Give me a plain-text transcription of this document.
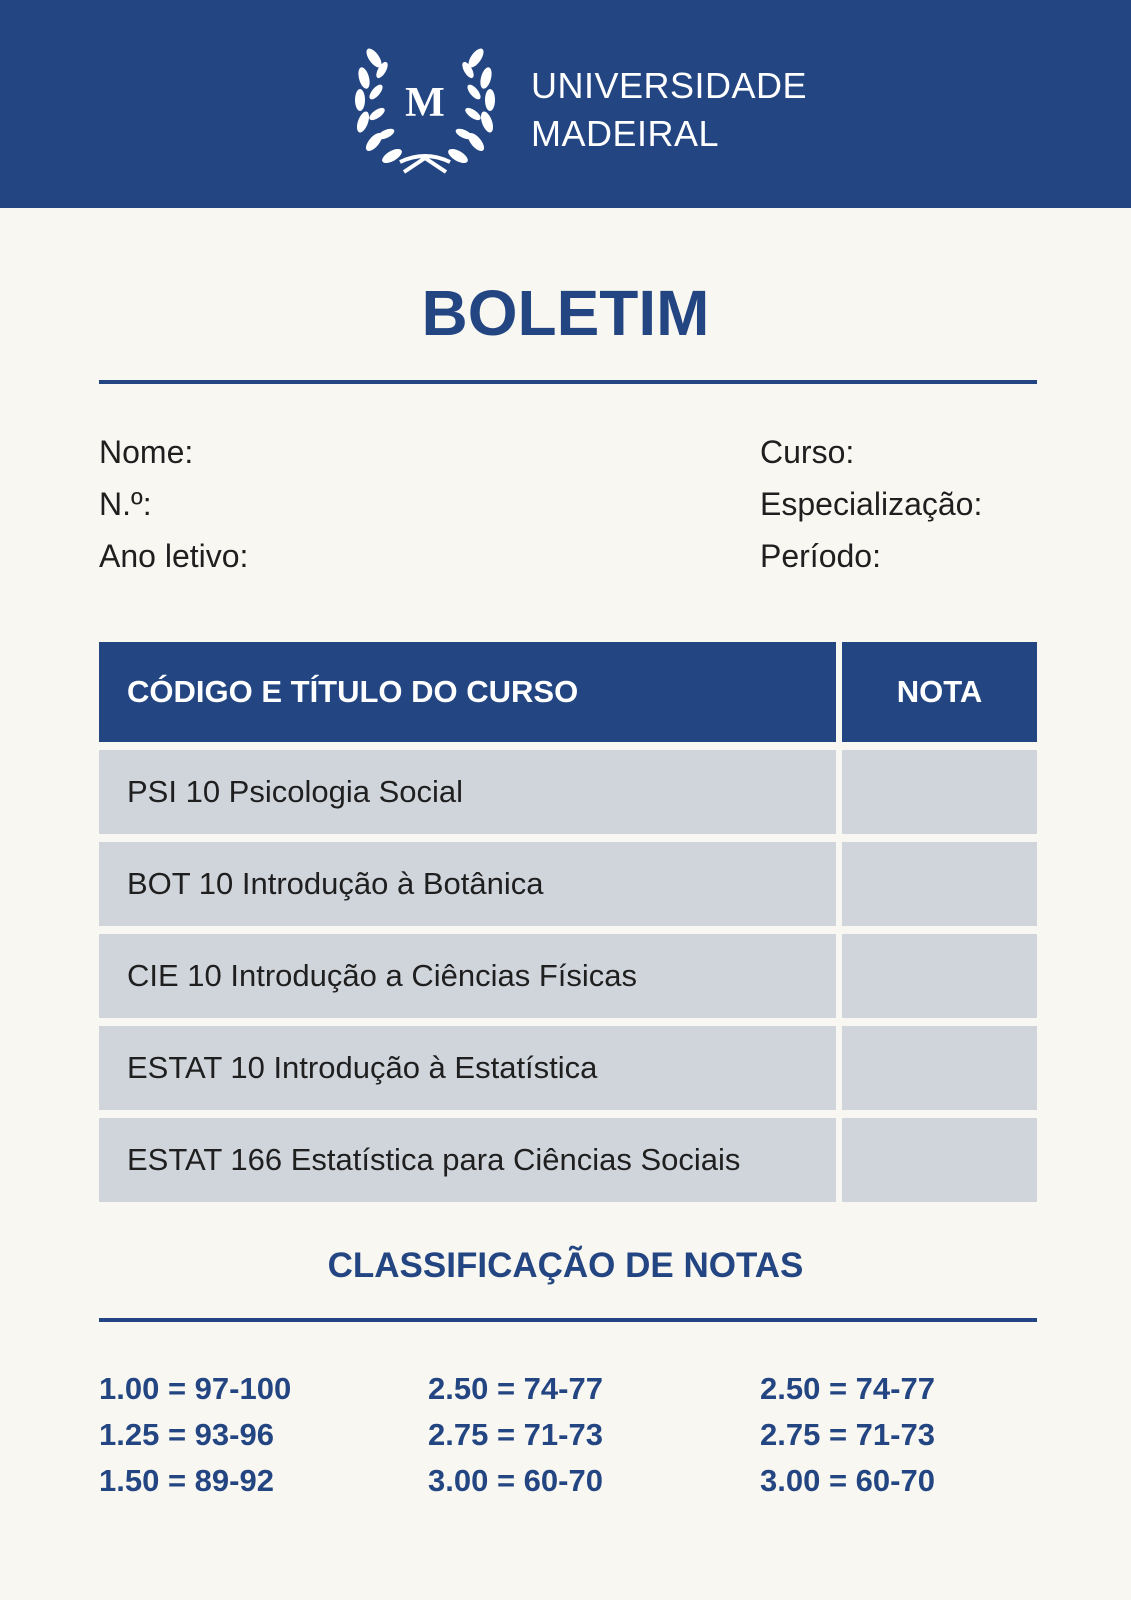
M UNIVERSIDADE
MADEIRAL
BOLETIM
Nome:
N.º:
Ano letivo:
Curso:
Especialização:
Período:
CÓDIGO E TÍTULO DO CURSO	NOTA
PSI 10 Psicologia Social
BOT 10 Introdução à Botânica
CIE 10 Introdução a Ciências Físicas
ESTAT 10 Introdução à Estatística
ESTAT 166 Estatística para Ciências Sociais
CLASSIFICAÇÃO DE NOTAS
1.00 = 97-100
1.25 = 93-96
1.50 = 89-92
2.50 = 74-77
2.75 = 71-73
3.00 = 60-70
2.50 = 74-77
2.75 = 71-73
3.00 = 60-70
